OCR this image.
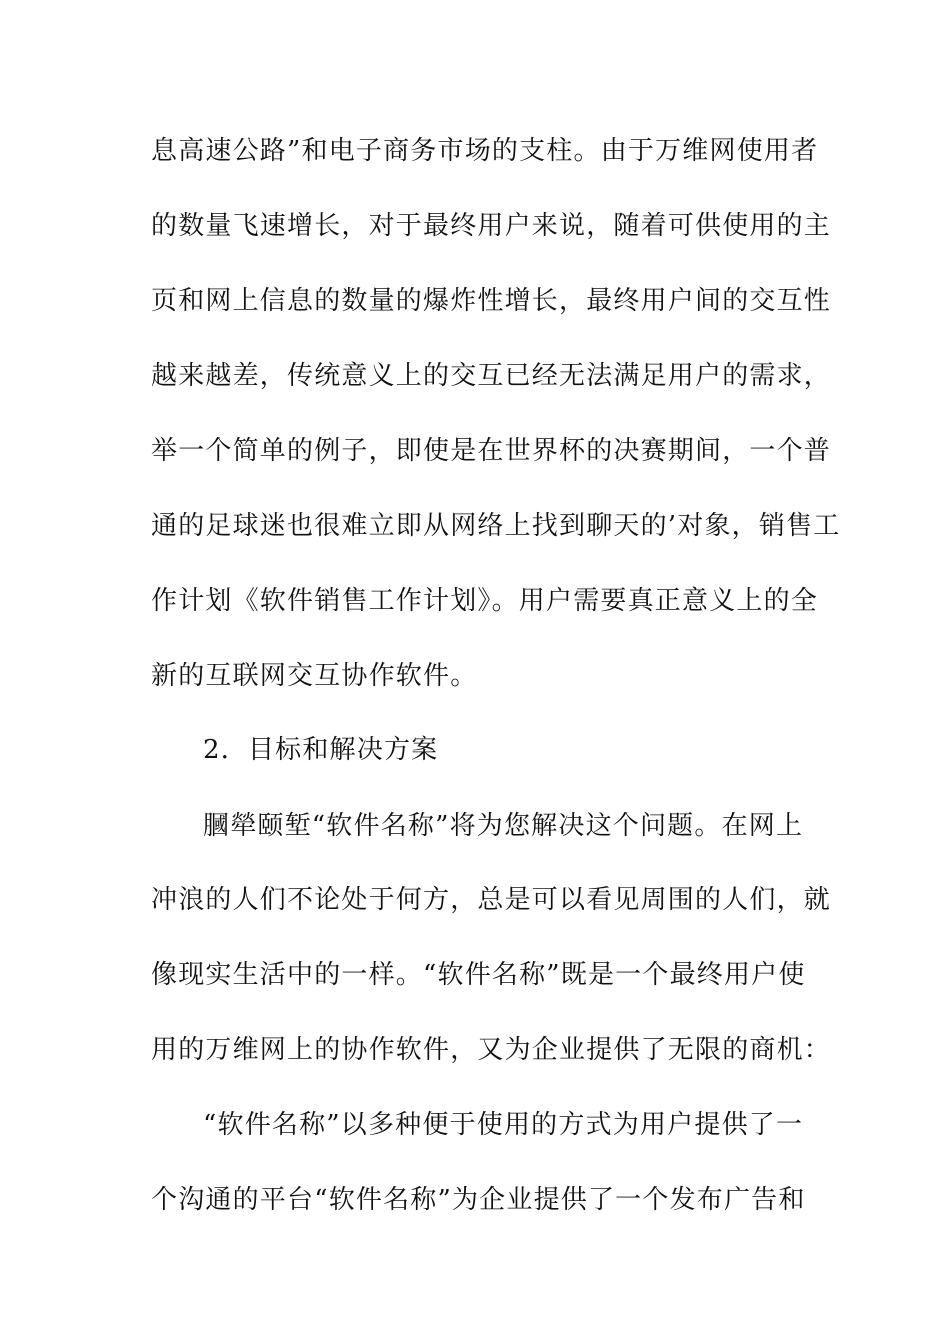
息高速公路”和电子商务市场的支柱。由于万维网使用者
的数量飞速增长，对于最终用户来说，随着可供使用的主
页和网上信息的数量的爆炸性增长，最终用户间的交互性
越来越差，传统意义上的交互已经无法满足用户的需求，
举一个简单的例子，即使是在世界杯的决赛期间，一个普
通的足球迷也很难立即从网络上找到聊天的’对象，销售工
作计划《软件销售工作计划》。用户需要真正意义上的全
新的互联网交互协作软件。
2．目标和解决方案
膕犖颐堑“软件名称”将为您解决这个问题。在网上
冲浪的人们不论处于何方，总是可以看见周围的人们，就
像现实生活中的一样。“软件名称”既是一个最终用户使
用的万维网上的协作软件，又为企业提供了无限的商机：
“软件名称”以多种便于使用的方式为用户提供了一
个沟通的平台“软件名称”为企业提供了一个发布广告和
